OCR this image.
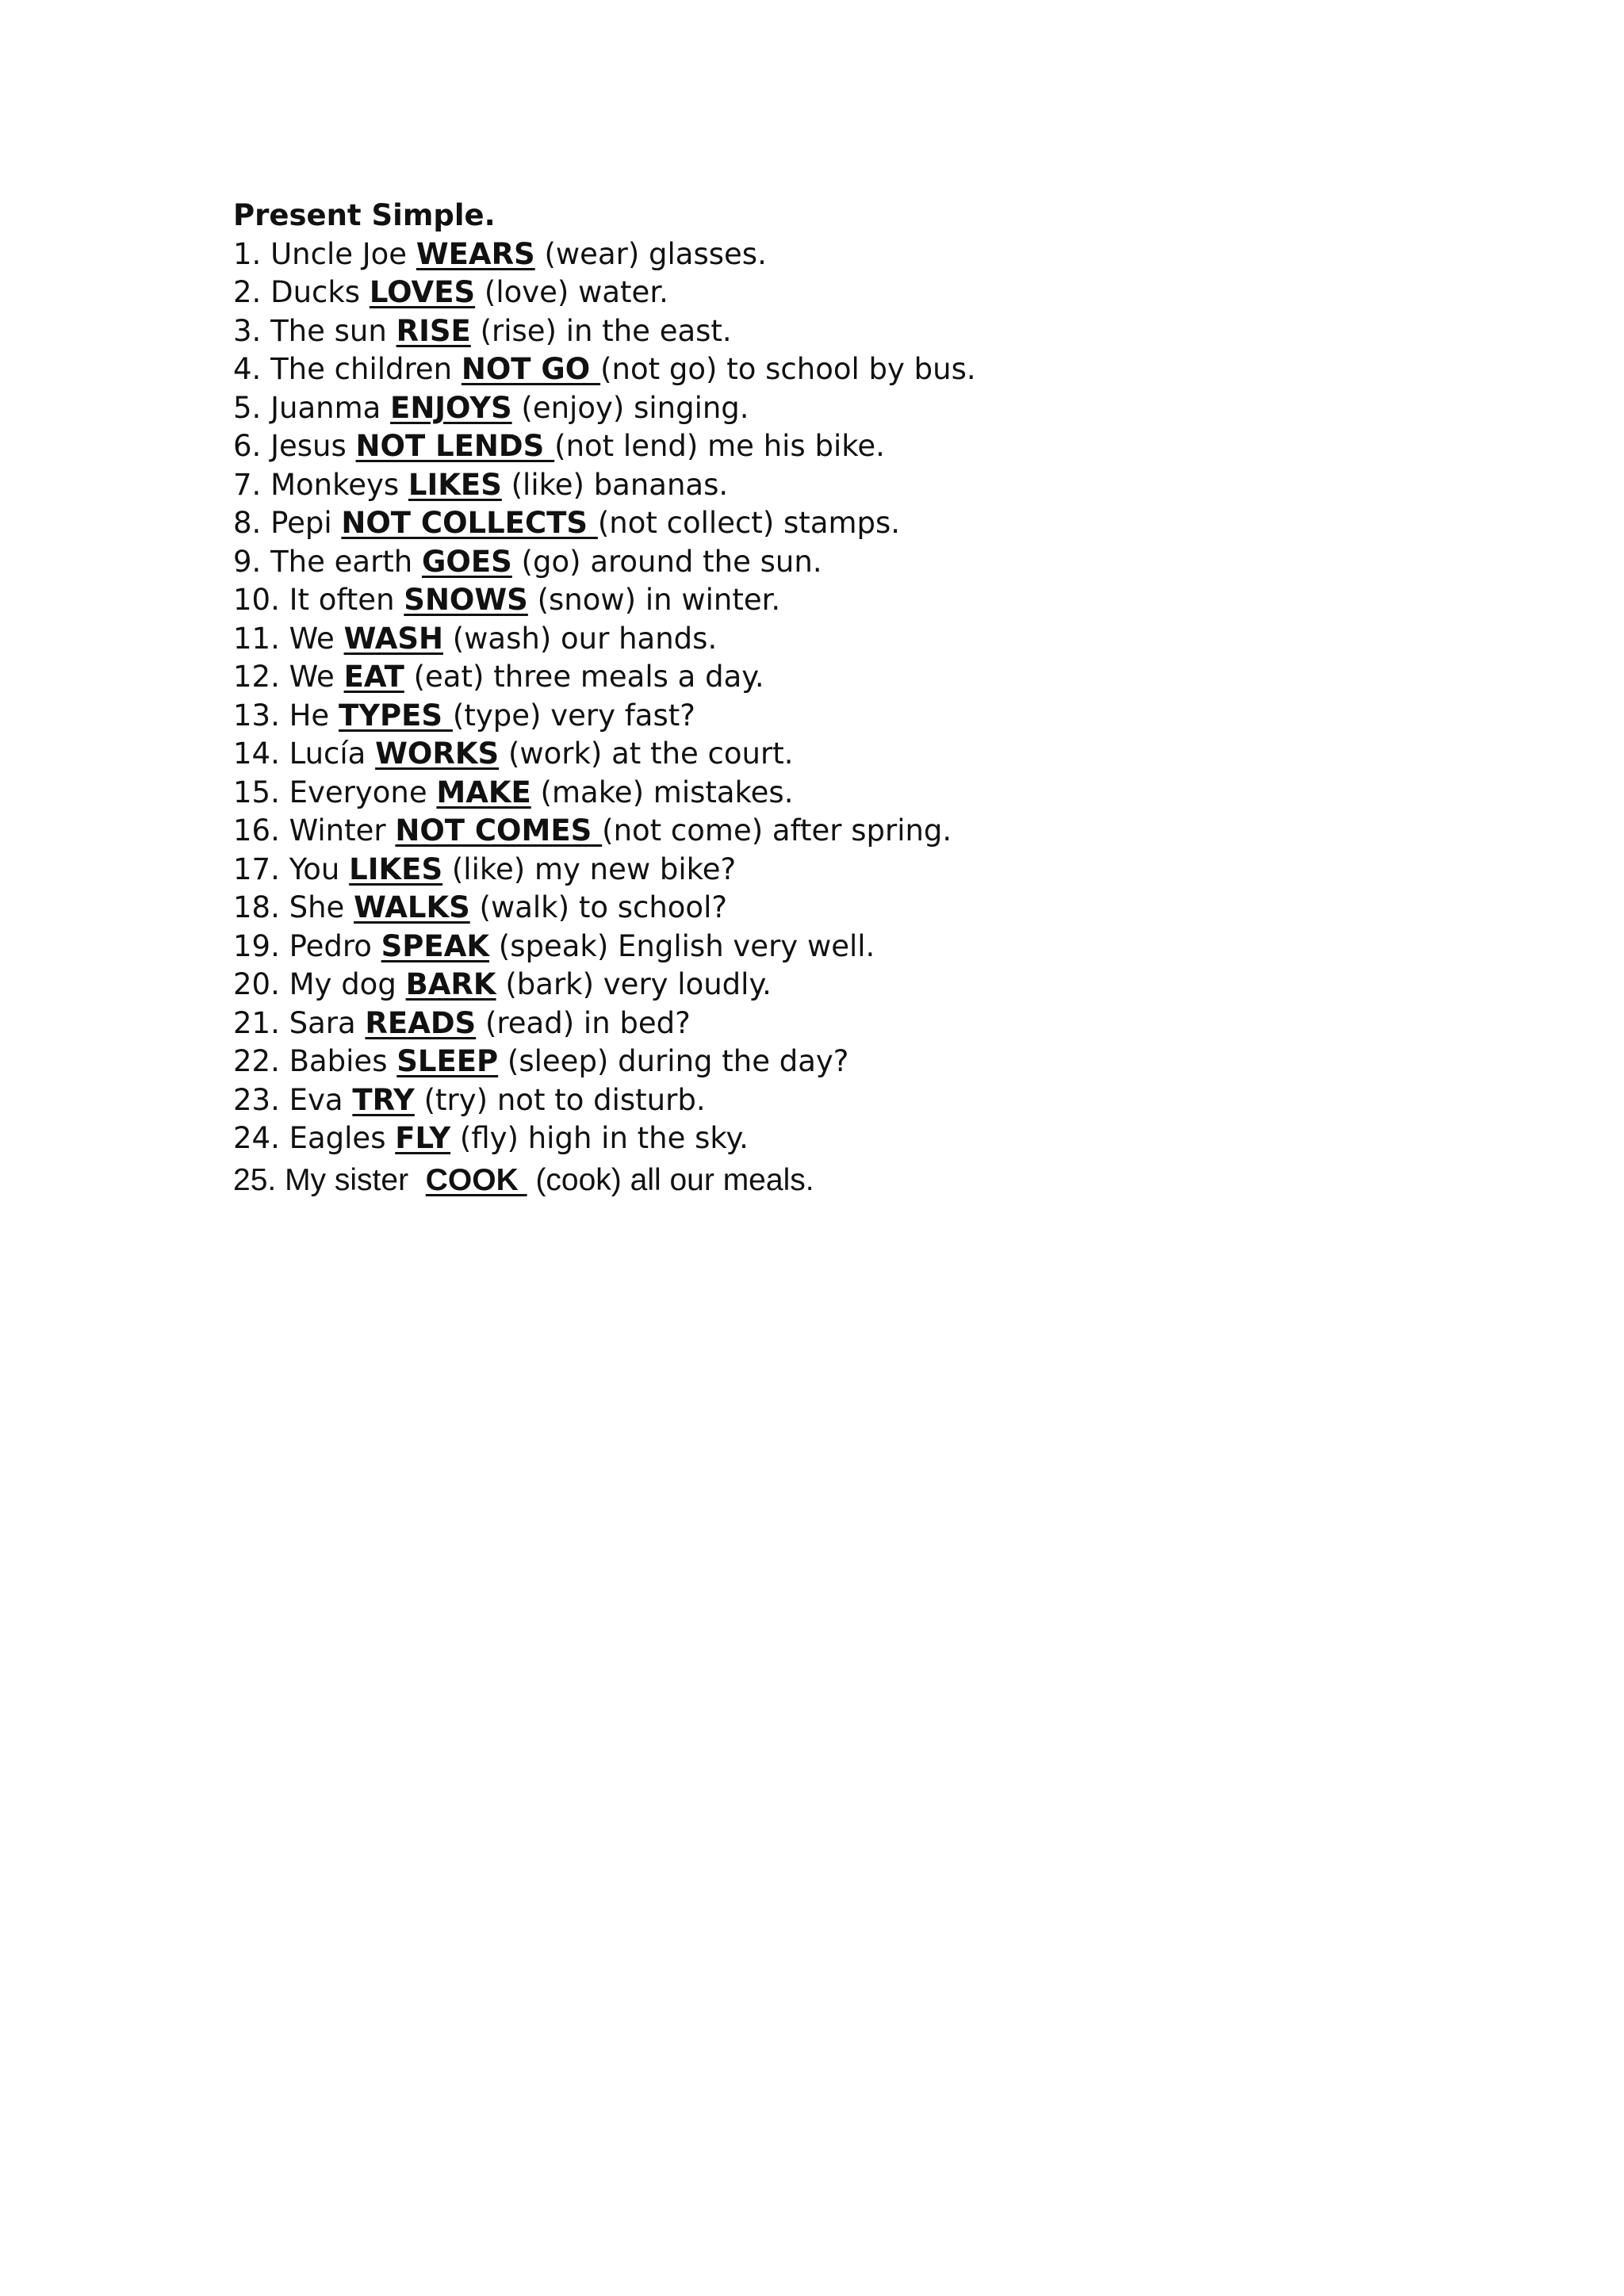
Present Simple.

1. Uncle Joe WEARS (wear) glasses.
2. Ducks LOVES (love) water.
3. The sun RISE (rise) in the east.
4. The children NOT GO (not go) to school by bus.
5. Juanma ENJOYS (enjoy) singing.
6. Jesus NOT LENDS (not lend) me his bike.
7. Monkeys LIKES (like) bananas.
8. Pepi NOT COLLECTS (not collect) stamps.
9. The earth GOES (go) around the sun.
10. It often SNOWS (snow) in winter.
11. We WASH (wash) our hands.
12. We EAT (eat) three meals a day.
13. He TYPES (type) very fast?
14. Lucía WORKS (work) at the court.
15. Everyone MAKE (make) mistakes.
16. Winter NOT COMES (not come) after spring.
17. You LIKES (like) my new bike?
18. She WALKS (walk) to school?
19. Pedro SPEAK (speak) English very well.
20. My dog BARK (bark) very loudly.
21. Sara READS (read) in bed?
22. Babies SLEEP (sleep) during the day?
23. Eva TRY (try) not to disturb.
24. Eagles FLY (fly) high in the sky.
25. My sister  COOK  (cook) all our meals.
